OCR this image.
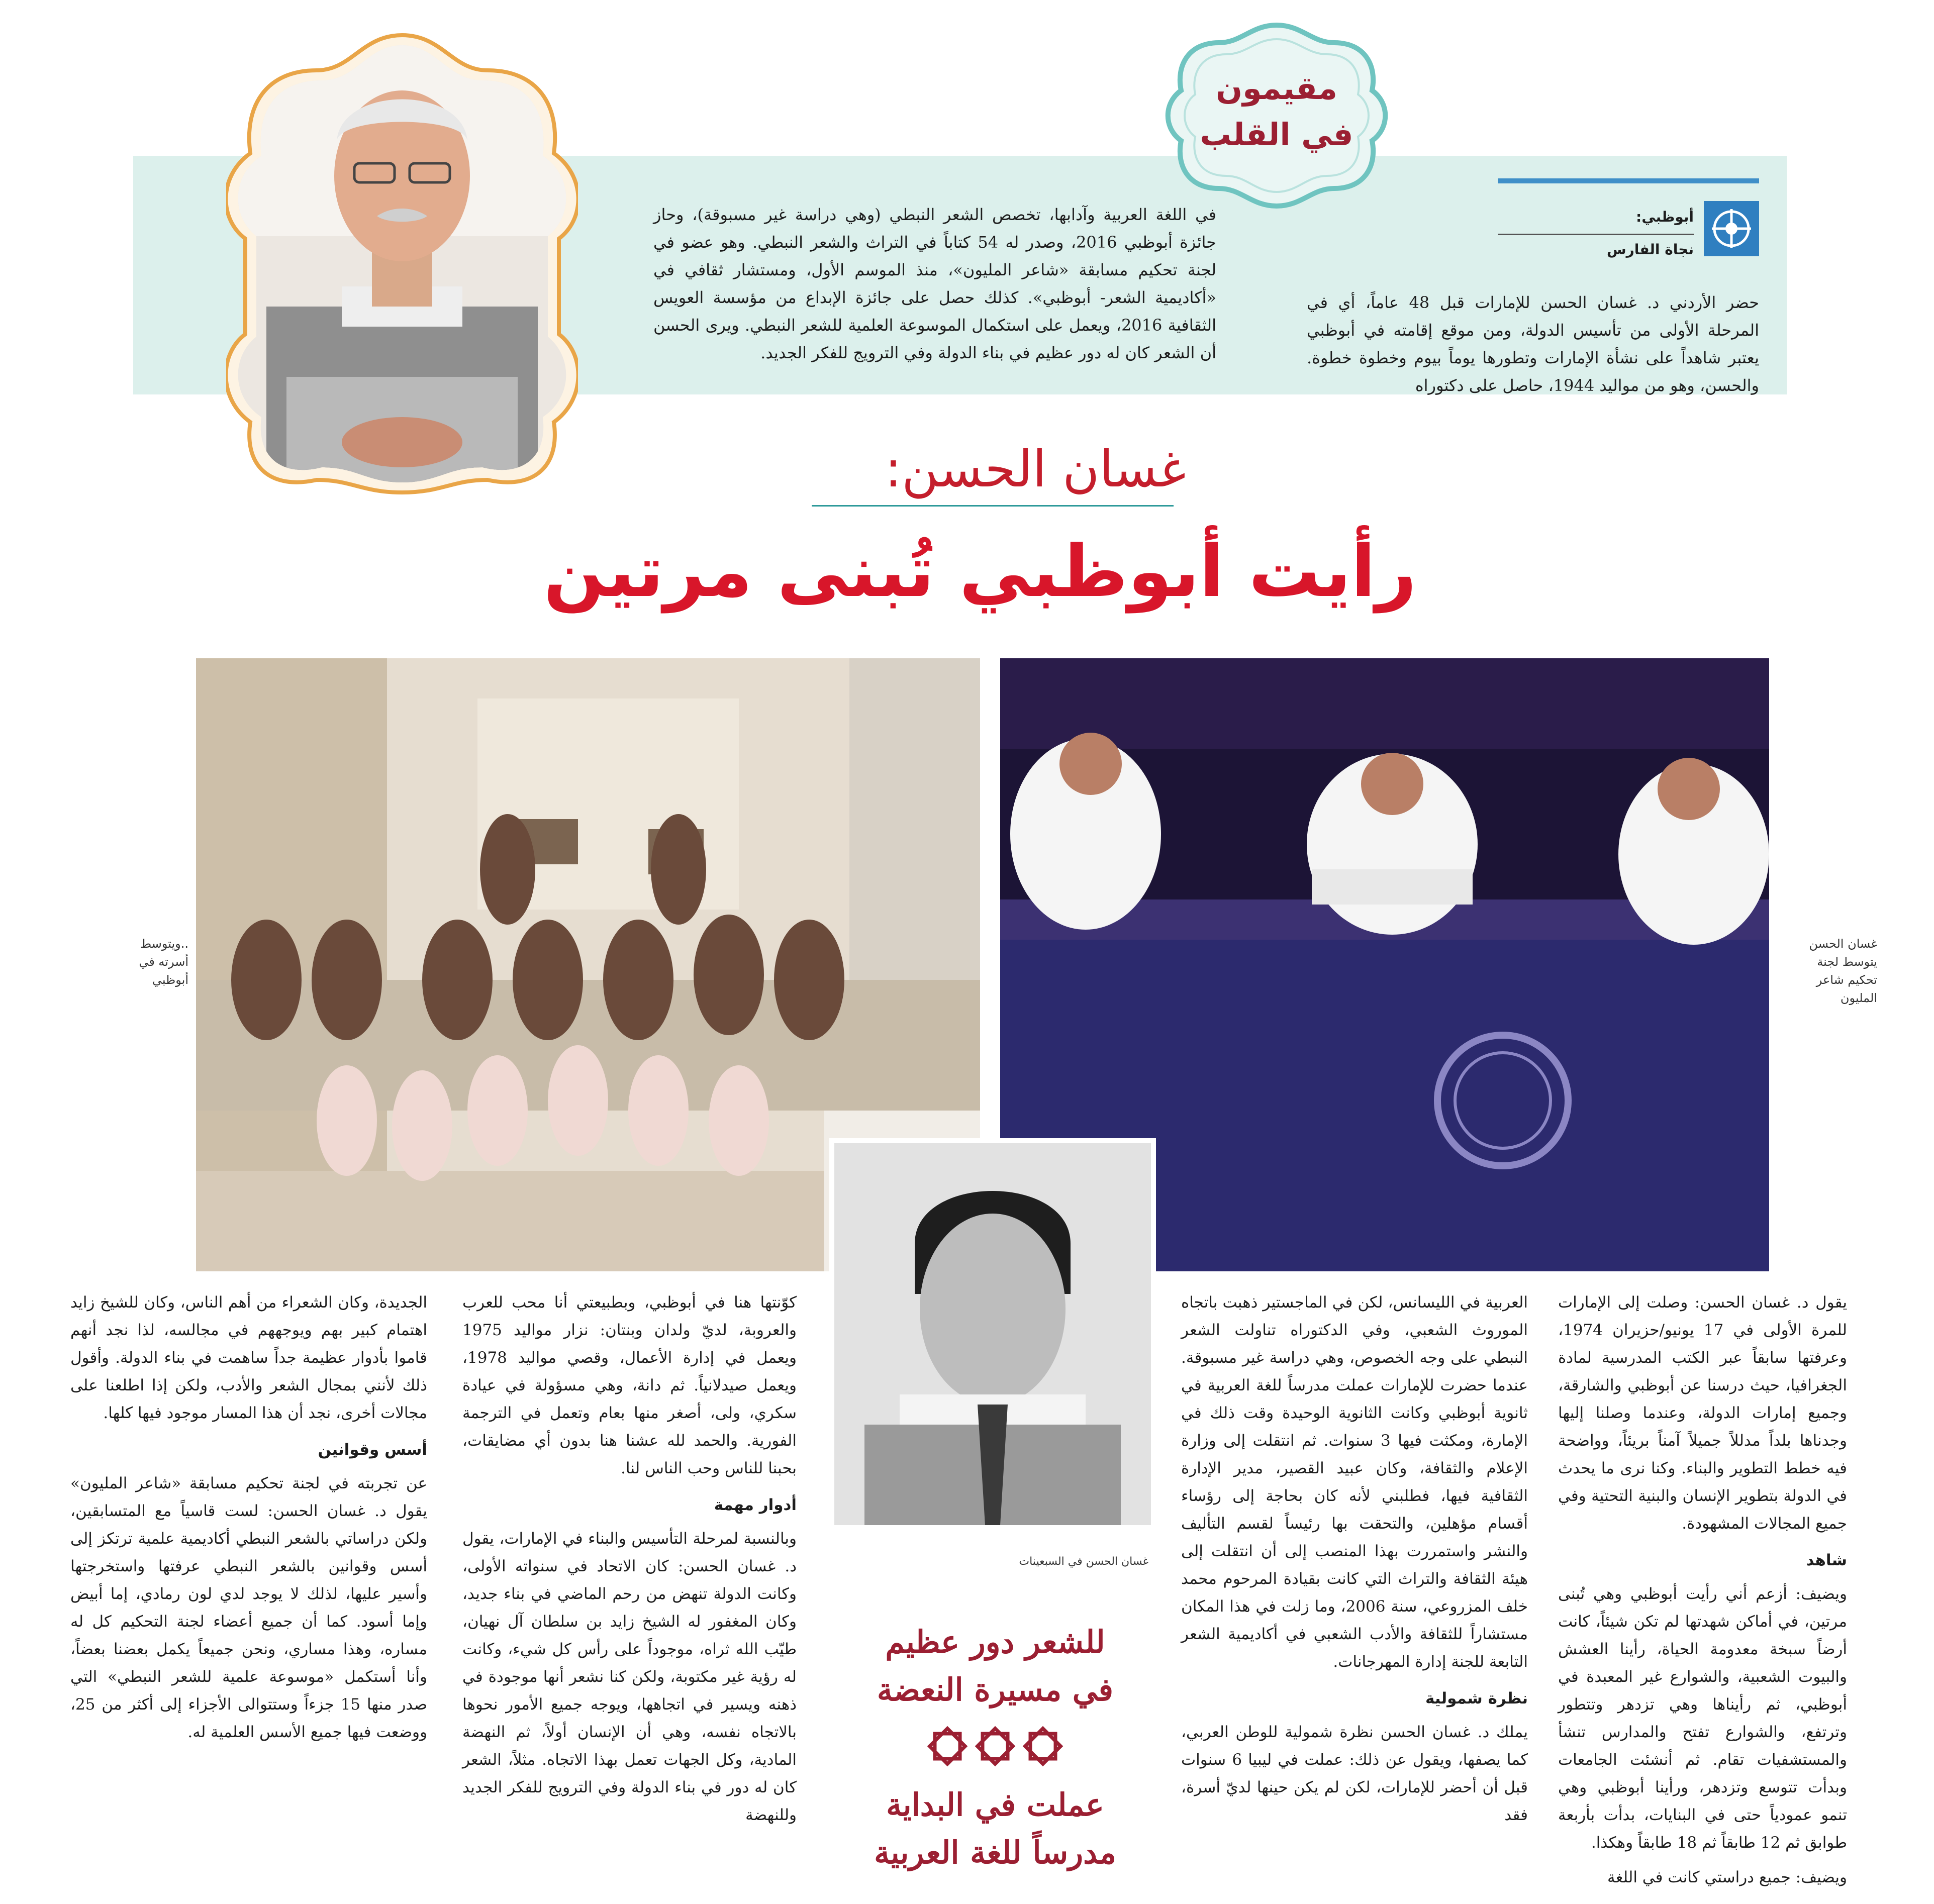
أبوظبي:
نجاة الفارس
حضر الأردني د. غسان الحسن للإمارات قبل 48 عاماً، أي في المرحلة الأولى من تأسيس الدولة، ومن موقع إقامته في أبوظبي يعتبر شاهداً على نشأة الإمارات وتطورها يوماً بيوم وخطوة خطوة. والحسن، وهو من مواليد 1944، حاصل على دكتوراه
في اللغة العربية وآدابها، تخصص الشعر النبطي (وهي دراسة غير مسبوقة)، وحاز جائزة أبوظبي 2016، وصدر له 54 كتاباً في التراث والشعر النبطي. وهو عضو في لجنة تحكيم مسابقة «شاعر المليون»، منذ الموسم الأول، ومستشار ثقافي في «أكاديمية الشعر- أبوظبي». كذلك حصل على جائزة الإبداع من مؤسسة العويس الثقافية 2016، ويعمل على استكمال الموسوعة العلمية للشعر النبطي. ويرى الحسن أن الشعر كان له دور عظيم في بناء الدولة وفي الترويج للفكر الجديد.
مقيمون
في القلب
غسان الحسن:
رأيت أبوظبي تُبنى مرتين
..ويتوسط
أسرته في
أبوظبي
غسان الحسن
يتوسط لجنة
تحكيم شاعر
المليون
غسان الحسن في السبعينات

يقول د. غسان الحسن: وصلت إلى الإمارات للمرة الأولى في 17 يونيو/حزيران 1974، وعرفتها سابقاً عبر الكتب المدرسية لمادة الجغرافيا، حيث درسنا عن أبوظبي والشارقة، وجميع إمارات الدولة، وعندما وصلنا إليها وجدناها بلداً مدللاً جميلاً آمناً بريئاً، وواضحة فيه خطط التطوير والبناء. وكنا نرى ما يحدث في الدولة بتطوير الإنسان والبنية التحتية وفي جميع المجالات المشهودة.

شاهد

ويضيف: أزعم أني رأيت أبوظبي وهي تُبنى مرتين، في أماكن شهدتها لم تكن شيئاً، كانت أرضاً سبخة معدومة الحياة، رأينا العشش والبيوت الشعبية، والشوارع غير المعبدة في أبوظبي، ثم رأيناها وهي تزدهر وتتطور وترتفع، والشوارع تفتح والمدارس تنشأ والمستشفيات تقام. ثم أنشئت الجامعات وبدأت تتوسع وتزدهر، ورأينا أبوظبي وهي تنمو عمودياً حتى في البنايات، بدأت بأربعة طوابق ثم 12 طابقاً ثم 18 طابقاً وهكذا.

ويضيف: جميع دراستي كانت في اللغة

العربية في الليسانس، لكن في الماجستير ذهبت باتجاه الموروث الشعبي، وفي الدكتوراه تناولت الشعر النبطي على وجه الخصوص، وهي دراسة غير مسبوقة. عندما حضرت للإمارات عملت مدرساً للغة العربية في ثانوية أبوظبي وكانت الثانوية الوحيدة وقت ذلك في الإمارة، ومكثت فيها 3 سنوات. ثم انتقلت إلى وزارة الإعلام والثقافة، وكان عبيد القصير، مدير الإدارة الثقافية فيها، فطلبني لأنه كان بحاجة إلى رؤساء أقسام مؤهلين، والتحقت بها رئيساً لقسم التأليف والنشر واستمررت بهذا المنصب إلى أن انتقلت إلى هيئة الثقافة والتراث التي كانت بقيادة المرحوم محمد خلف المزروعي، سنة 2006، وما زلت في هذا المكان مستشاراً للثقافة والأدب الشعبي في أكاديمية الشعر التابعة للجنة إدارة المهرجانات.

نظرة شمولية

يملك د. غسان الحسن نظرة شمولية للوطن العربي، كما يصفها، ويقول عن ذلك: عملت في ليبيا 6 سنوات قبل أن أحضر للإمارات، لكن لم يكن حينها لديّ أسرة، فقد

كوّنتها هنا في أبوظبي، وبطبيعتي أنا محب للعرب والعروبة، لديّ ولدان وبنتان: نزار مواليد 1975 ويعمل في إدارة الأعمال، وقصي مواليد 1978، ويعمل صيدلانياً. ثم دانة، وهي مسؤولة في عيادة سكري، ولى، أصغر منها بعام وتعمل في الترجمة الفورية. والحمد لله عشنا هنا بدون أي مضايقات، بحبنا للناس وحب الناس لنا.

أدوار مهمة

وبالنسبة لمرحلة التأسيس والبناء في الإمارات، يقول د. غسان الحسن: كان الاتحاد في سنواته الأولى، وكانت الدولة تنهض من رحم الماضي في بناء جديد، وكان المغفور له الشيخ زايد بن سلطان آل نهيان، طيّب الله ثراه، موجوداً على رأس كل شيء، وكانت له رؤية غير مكتوبة، ولكن كنا نشعر أنها موجودة في ذهنه ويسير في اتجاهها، ويوجه جميع الأمور نحوها بالاتجاه نفسه، وهي أن الإنسان أولاً، ثم النهضة المادية، وكل الجهات تعمل بهذا الاتجاه. مثلاً، الشعر كان له دور في بناء الدولة وفي الترويج للفكر الجديد وللنهضة

الجديدة، وكان الشعراء من أهم الناس، وكان للشيخ زايد اهتمام كبير بهم ويوجههم في مجالسه، لذا نجد أنهم قاموا بأدوار عظيمة جداً ساهمت في بناء الدولة. وأقول ذلك لأنني بمجال الشعر والأدب، ولكن إذا اطلعنا على مجالات أخرى، نجد أن هذا المسار موجود فيها كلها.

أسس وقوانين

عن تجربته في لجنة تحكيم مسابقة «شاعر المليون» يقول د. غسان الحسن: لست قاسياً مع المتسابقين، ولكن دراساتي بالشعر النبطي أكاديمية علمية ترتكز إلى أسس وقوانين بالشعر النبطي عرفتها واستخرجتها وأسير عليها، لذلك لا يوجد لدي لون رمادي، إما أبيض وإما أسود. كما أن جميع أعضاء لجنة التحكيم كل له مساره، وهذا مساري، ونحن جميعاً يكمل بعضنا بعضاً، وأنا أستكمل «موسوعة علمية للشعر النبطي» التي صدر منها 15 جزءاً وستتوالى الأجزاء إلى أكثر من 25، ووضعت فيها جميع الأسس العلمية له.

للشعر دور عظيم
في مسيرة النعضة
عملت في البداية
مدرساً للغة العربية
